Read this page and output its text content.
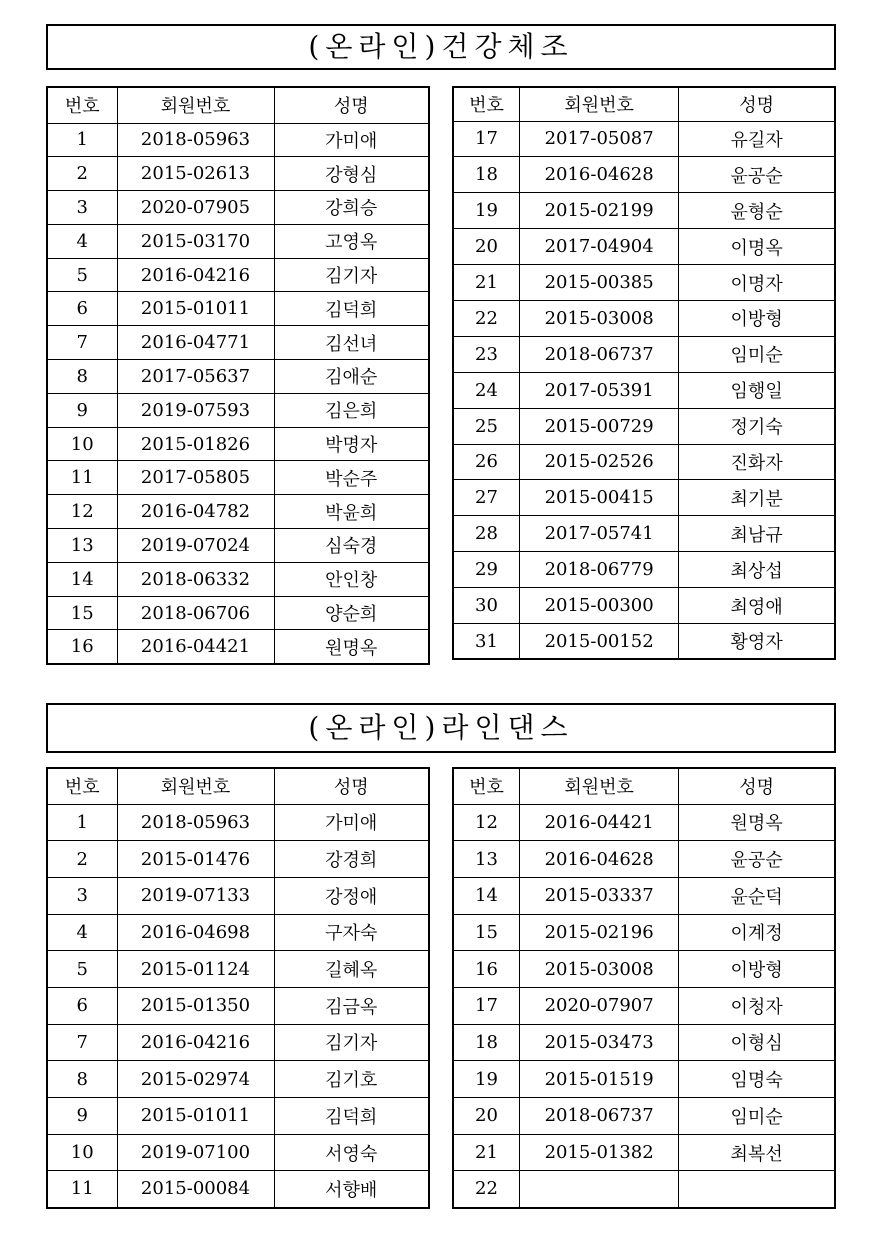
(온라인)건강체조
번호	회원번호	성명
1	2018-05963	가미애
2	2015-02613	강형심
3	2020-07905	강희승
4	2015-03170	고영옥
5	2016-04216	김기자
6	2015-01011	김덕희
7	2016-04771	김선녀
8	2017-05637	김애순
9	2019-07593	김은희
10	2015-01826	박명자
11	2017-05805	박순주
12	2016-04782	박윤희
13	2019-07024	심숙경
14	2018-06332	안인창
15	2018-06706	양순희
16	2016-04421	원명옥
번호	회원번호	성명
17	2017-05087	유길자
18	2016-04628	윤공순
19	2015-02199	윤형순
20	2017-04904	이명옥
21	2015-00385	이명자
22	2015-03008	이방형
23	2018-06737	임미순
24	2017-05391	임행일
25	2015-00729	정기숙
26	2015-02526	진화자
27	2015-00415	최기분
28	2017-05741	최남규
29	2018-06779	최상섭
30	2015-00300	최영애
31	2015-00152	황영자
(온라인)라인댄스
번호	회원번호	성명
1	2018-05963	가미애
2	2015-01476	강경희
3	2019-07133	강정애
4	2016-04698	구자숙
5	2015-01124	길혜옥
6	2015-01350	김금옥
7	2016-04216	김기자
8	2015-02974	김기호
9	2015-01011	김덕희
10	2019-07100	서영숙
11	2015-00084	서향배
번호	회원번호	성명
12	2016-04421	원명옥
13	2016-04628	윤공순
14	2015-03337	윤순덕
15	2015-02196	이계정
16	2015-03008	이방형
17	2020-07907	이청자
18	2015-03473	이형심
19	2015-01519	임명숙
20	2018-06737	임미순
21	2015-01382	최복선
22		
